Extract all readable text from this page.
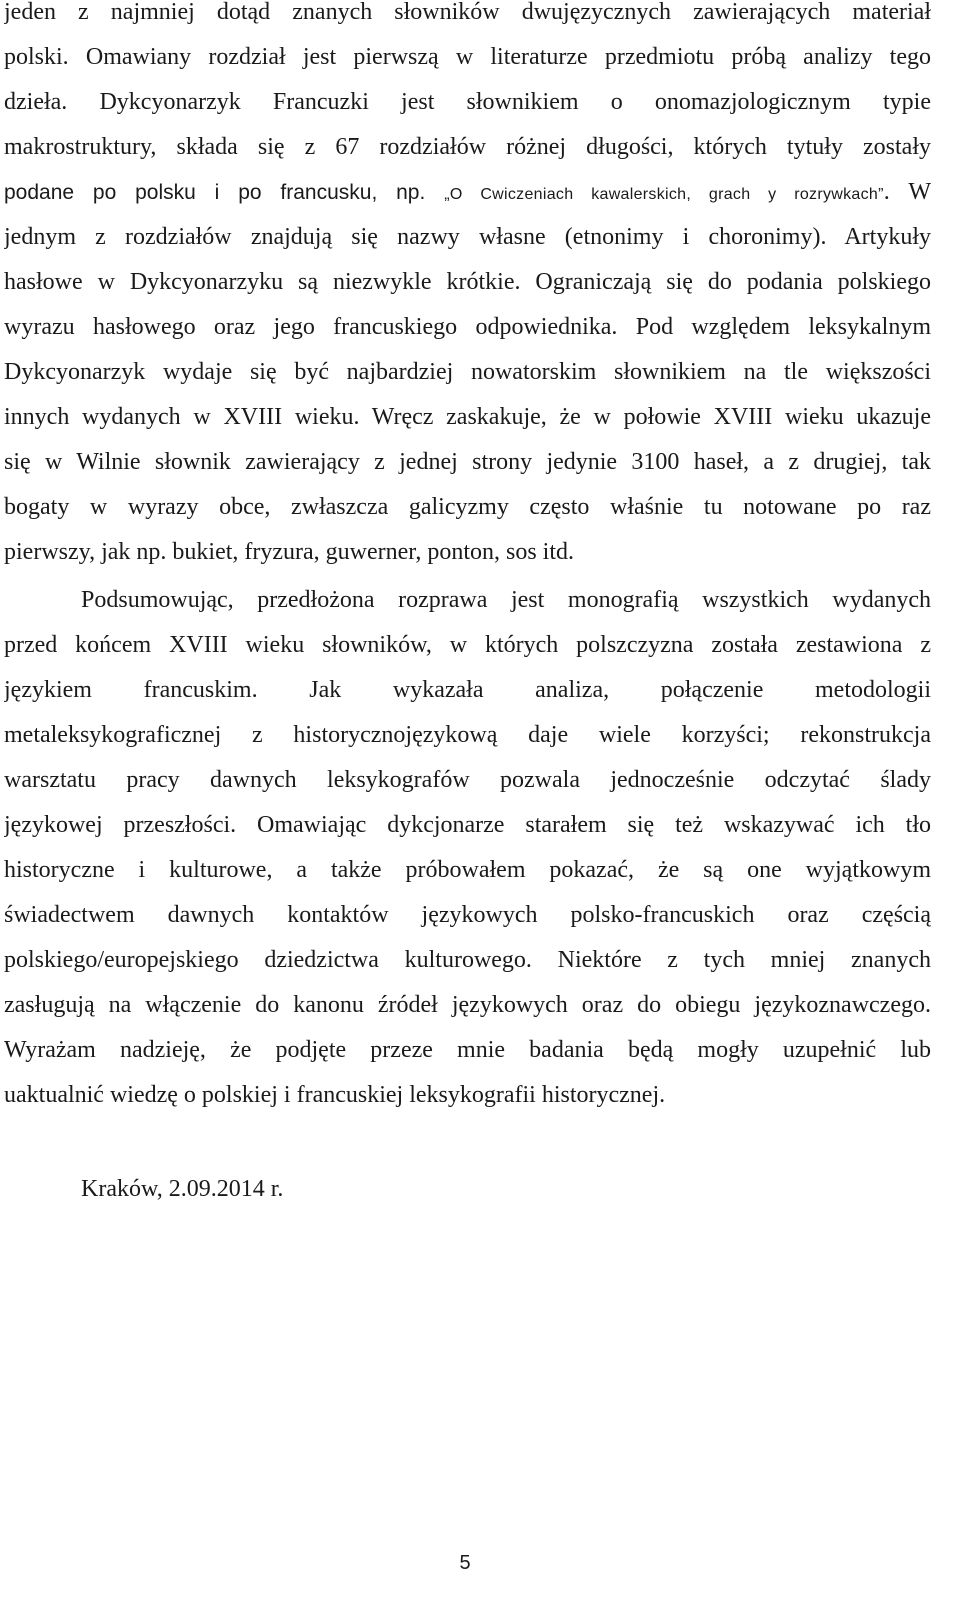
jeden z najmniej dotąd znanych słowników dwujęzycznych zawierających materiał
polski. Omawiany rozdział jest pierwszą w literaturze przedmiotu próbą analizy tego
dzieła. Dykcyonarzyk Francuzki jest słownikiem o onomazjologicznym typie
makrostruktury, składa się z 67 rozdziałów różnej długości, których tytuły zostały
podane po polsku i po francusku, np. „O Cwiczeniach kawalerskich, grach y rozrywkach”. W
jednym z rozdziałów znajdują się nazwy własne (etnonimy i choronimy). Artykuły
hasłowe w Dykcyonarzyku są niezwykle krótkie. Ograniczają się do podania polskiego
wyrazu hasłowego oraz jego francuskiego odpowiednika. Pod względem leksykalnym
Dykcyonarzyk wydaje się być najbardziej nowatorskim słownikiem na tle większości
innych wydanych w XVIII wieku. Wręcz zaskakuje, że w połowie XVIII wieku ukazuje
się w Wilnie słownik zawierający z jednej strony jedynie 3100 haseł, a z drugiej, tak
bogaty w wyrazy obce, zwłaszcza galicyzmy często właśnie tu notowane po raz
pierwszy, jak np. bukiet, fryzura, guwerner, ponton, sos itd.
Podsumowując, przedłożona rozprawa jest monografią wszystkich wydanych
przed końcem XVIII wieku słowników, w których polszczyzna została zestawiona z
językiem francuskim. Jak wykazała analiza, połączenie metodologii
metaleksykograficznej z historycznojęzykową daje wiele korzyści; rekonstrukcja
warsztatu pracy dawnych leksykografów pozwala jednocześnie odczytać ślady
językowej przeszłości. Omawiając dykcjonarze starałem się też wskazywać ich tło
historyczne i kulturowe, a także próbowałem pokazać, że są one wyjątkowym
świadectwem dawnych kontaktów językowych polsko-francuskich oraz częścią
polskiego/europejskiego dziedzictwa kulturowego. Niektóre z tych mniej znanych
zasługują na włączenie do kanonu źródeł językowych oraz do obiegu językoznawczego.
Wyrażam nadzieję, że podjęte przeze mnie badania będą mogły uzupełnić lub
uaktualnić wiedzę o polskiej i francuskiej leksykografii historycznej.
Kraków, 2.09.2014 r.
5
